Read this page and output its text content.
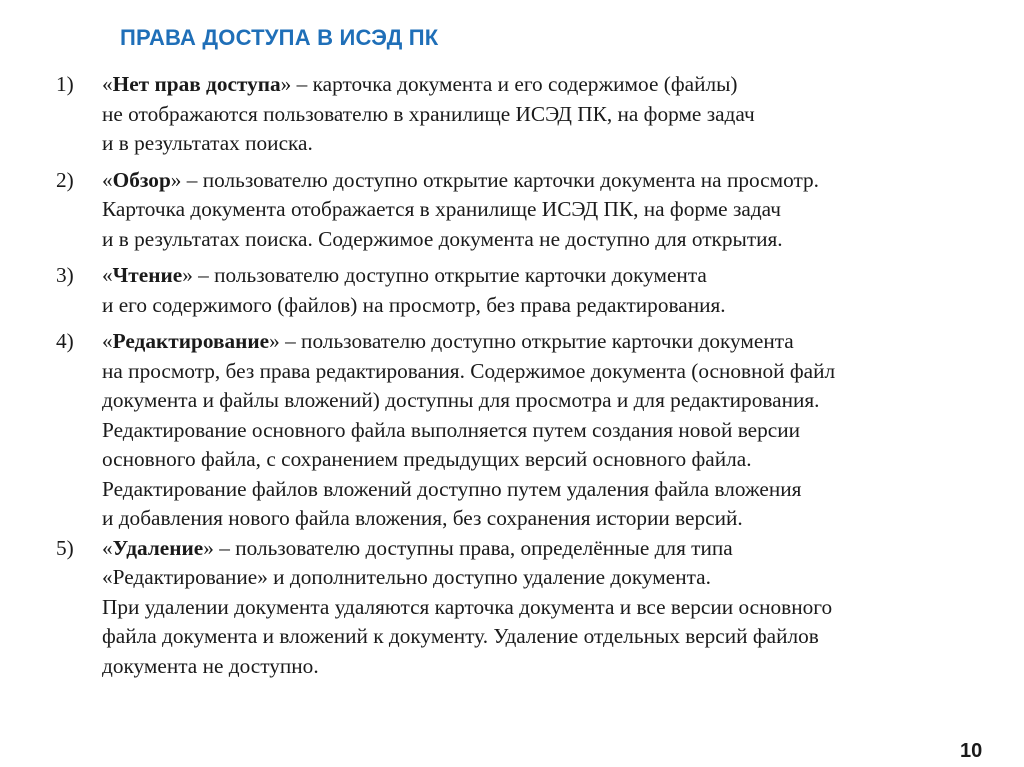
ПРАВА ДОСТУПА В ИСЭД ПК
1)	«Нет прав доступа» – карточка документа и его содержимое (файлы)
не отображаются пользователю в хранилище ИСЭД ПК, на форме задач
и в результатах поиска.
2)	«Обзор» – пользователю доступно открытие карточки документа на просмотр.
Карточка документа отображается в хранилище ИСЭД ПК, на форме задач
и в результатах поиска. Содержимое документа не доступно для открытия.
3)	«Чтение» – пользователю доступно открытие карточки документа
и его содержимого (файлов) на просмотр, без права редактирования.
4)	«Редактирование» – пользователю доступно открытие карточки документа
на просмотр, без права редактирования. Содержимое документа (основной файл
документа и файлы вложений) доступны для просмотра и для редактирования.
Редактирование основного файла выполняется путем создания новой версии
основного файла, с сохранением предыдущих версий основного файла.
Редактирование файлов вложений доступно путем удаления файла вложения
и добавления нового файла вложения, без сохранения истории версий.
5)	«Удаление» – пользователю доступны права, определённые для типа
«Редактирование» и дополнительно доступно удаление документа.
При удалении документа удаляются карточка документа и все версии основного
файла документа и вложений к документу. Удаление отдельных версий файлов
документа не доступно.
10
